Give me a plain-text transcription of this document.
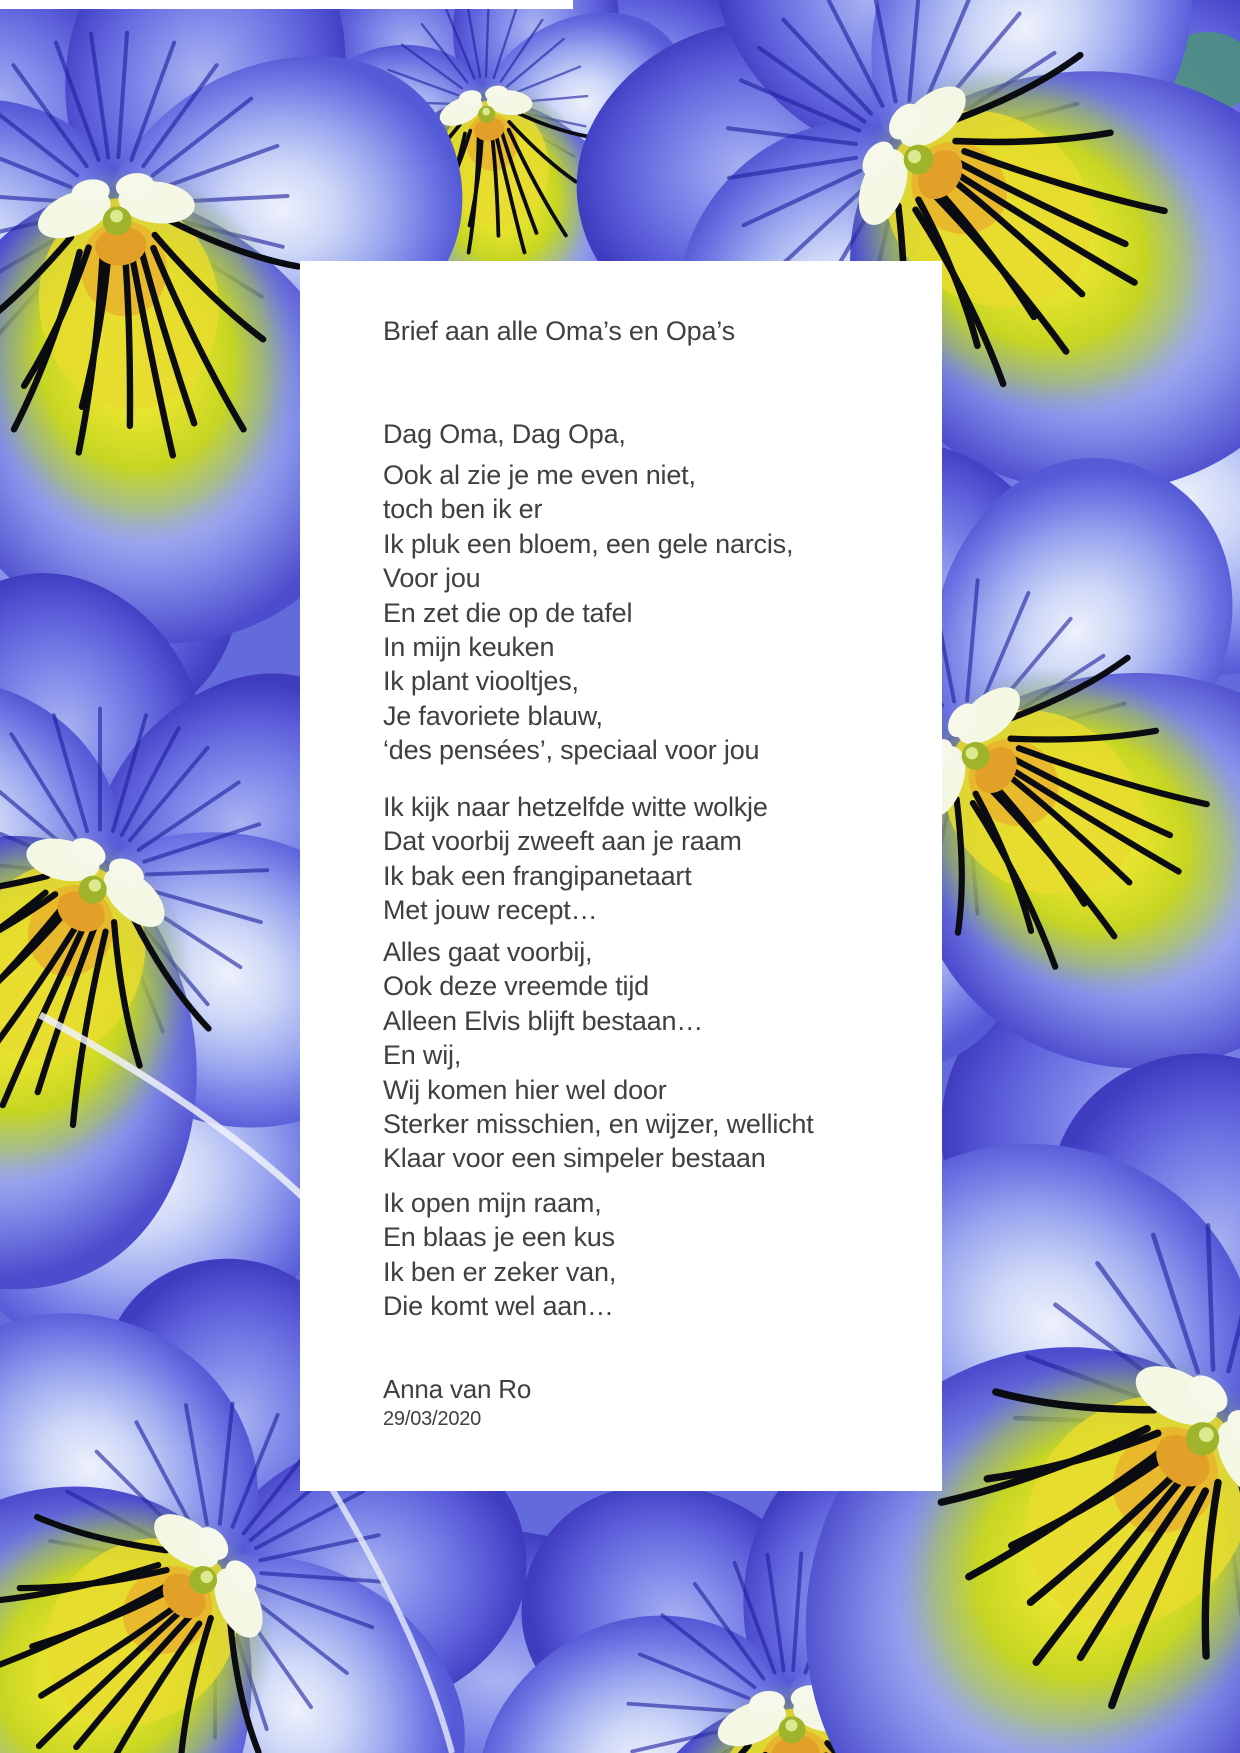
Brief aan alle Oma’s en Opa’s
Dag Oma, Dag Opa,
Ook al zie je me even niet,
toch ben ik er
Ik pluk een bloem, een gele narcis,
Voor jou
En zet die op de tafel
In mijn keuken
Ik plant viooltjes,
Je favoriete blauw,
‘des pensées’, speciaal voor jou
Ik kijk naar hetzelfde witte wolkje
Dat voorbij zweeft aan je raam
Ik bak een frangipanetaart
Met jouw recept…
Alles gaat voorbij,
Ook deze vreemde tijd
Alleen Elvis blijft bestaan…
En wij,
Wij komen hier wel door
Sterker misschien, en wijzer, wellicht
Klaar voor een simpeler bestaan
Ik open mijn raam,
En blaas je een kus
Ik ben er zeker van,
Die komt wel aan…
Anna van Ro
29/03/2020
